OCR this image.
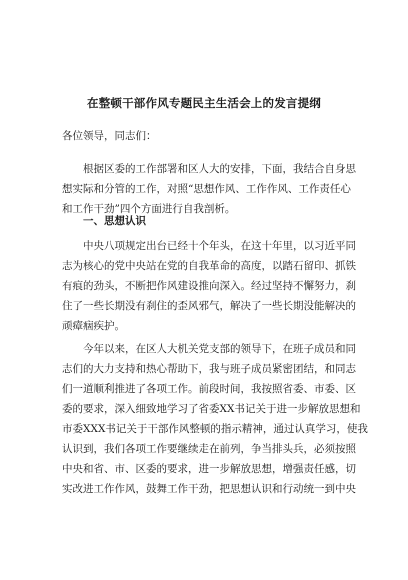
在整顿干部作风专题民主生活会上的发言提纲

各位领导，同志们：

根据区委的工作部署和区人大的安排，下面，我结合自身思
想实际和分管的工作，对照“思想作风、工作作风、工作责任心
和工作干劲”四个方面进行自我剖析。
一、思想认识
中央八项规定出台已经十个年头，在这十年里，以习近平同
志为核心的党中央站在党的自我革命的高度，以踏石留印、抓铁
有痕的劲头，不断把作风建设推向深入。经过坚持不懈努力，刹
住了一些长期没有刹住的歪风邪气，解决了一些长期没能解决的
顽瘴痼疾护。
今年以来，在区人大机关党支部的领导下，在班子成员和同
志们的大力支持和热心帮助下，我与班子成员紧密团结，和同志
们一道顺利推进了各项工作。前段时间，我按照省委、市委、区
委的要求，深入细致地学习了省委XX书记关于进一步解放思想和
市委XXX书记关于干部作风整顿的指示精神，通过认真学习，使我
认识到，我们各项工作要继续走在前列，争当排头兵，必须按照
中央和省、市、区委的要求，进一步解放思想，增强责任感，切
实改进工作作风，鼓舞工作干劲，把思想认识和行动统一到中央
